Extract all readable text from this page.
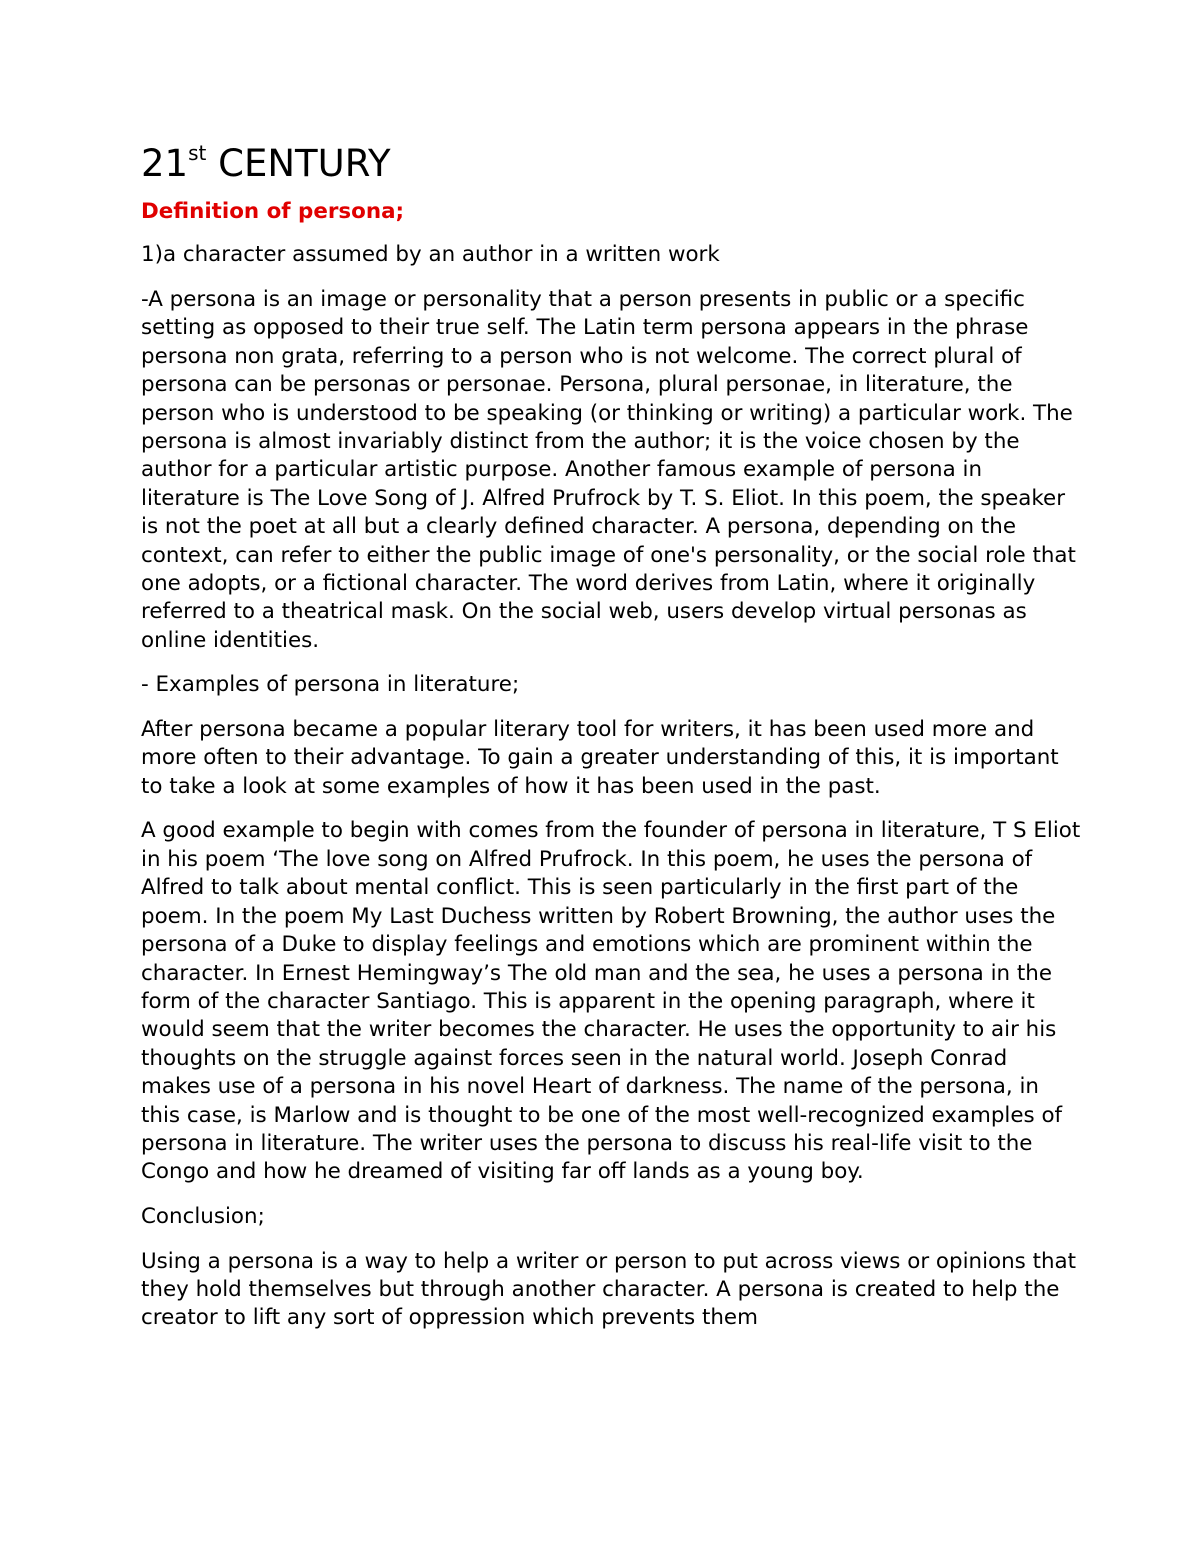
21st CENTURY

Definition of persona;

1)a character assumed by an author in a written work

-A persona is an image or personality that a person presents in public or a specific setting as opposed to their true self. The Latin term persona appears in the phrase persona non grata, referring to a person who is not welcome. The correct plural of persona can be personas or personae. Persona, plural personae, in literature, the person who is understood to be speaking (or thinking or writing) a particular work. The persona is almost invariably distinct from the author; it is the voice chosen by the author for a particular artistic purpose. Another famous example of persona in literature is The Love Song of J. Alfred Prufrock by T. S. Eliot. In this poem, the speaker is not the poet at all but a clearly defined character. A persona, depending on the context, can refer to either the public image of one's personality, or the social role that one adopts, or a fictional character. The word derives from Latin, where it originally referred to a theatrical mask. On the social web, users develop virtual personas as online identities.

- Examples of persona in literature;

After persona became a popular literary tool for writers, it has been used more and more often to their advantage. To gain a greater understanding of this, it is important to take a look at some examples of how it has been used in the past.

A good example to begin with comes from the founder of persona in literature, T S Eliot in his poem ‘The love song on Alfred Prufrock. In this poem, he uses the persona of Alfred to talk about mental conflict. This is seen particularly in the first part of the poem. In the poem My Last Duchess written by Robert Browning, the author uses the persona of a Duke to display feelings and emotions which are prominent within the character. In Ernest Hemingway’s The old man and the sea, he uses a persona in the form of the character Santiago. This is apparent in the opening paragraph, where it would seem that the writer becomes the character. He uses the opportunity to air his thoughts on the struggle against forces seen in the natural world. Joseph Conrad makes use of a persona in his novel Heart of darkness. The name of the persona, in this case, is Marlow and is thought to be one of the most well-recognized examples of persona in literature. The writer uses the persona to discuss his real-life visit to the Congo and how he dreamed of visiting far off lands as a young boy.

Conclusion;

Using a persona is a way to help a writer or person to put across views or opinions that they hold themselves but through another character. A persona is created to help the creator to lift any sort of oppression which prevents them
